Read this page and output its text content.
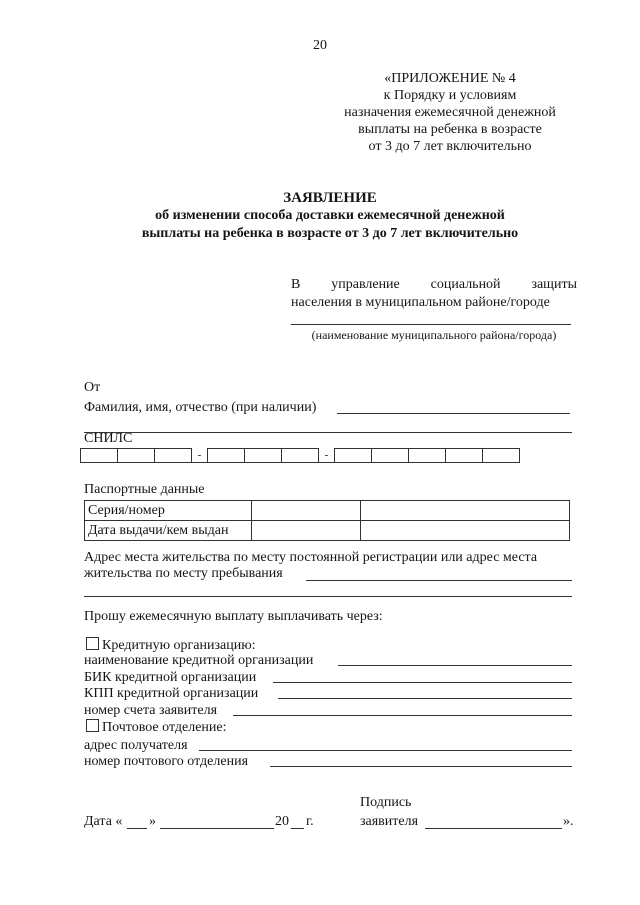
20
«ПРИЛОЖЕНИЕ № 4
к Порядку и условиям
назначения ежемесячной денежной
выплаты на ребенка в возрасте
от 3 до 7 лет включительно
ЗАЯВЛЕНИЕ
об изменении способа доставки ежемесячной денежной
выплаты на ребенка в возрасте от 3 до 7 лет включительно
В управление социальной защиты
населения в муниципальном районе/городе
(наименование муниципального района/города)
От
Фамилия, имя, отчество (при наличии)
СНИЛС
			-				-					
Паспортные данные
Серия/номер		
Дата выдачи/кем выдан		
Адрес места жительства по месту постоянной регистрации или адрес места
жительства по месту пребывания
Прошу ежемесячную выплату выплачивать через:
Кредитную организацию:
наименование кредитной организации
БИК кредитной организации
КПП кредитной организации
номер счета заявителя
Почтовое отделение:
адрес получателя
номер почтового отделения
Дата « »	20 г.
Подпись
заявителя	».
